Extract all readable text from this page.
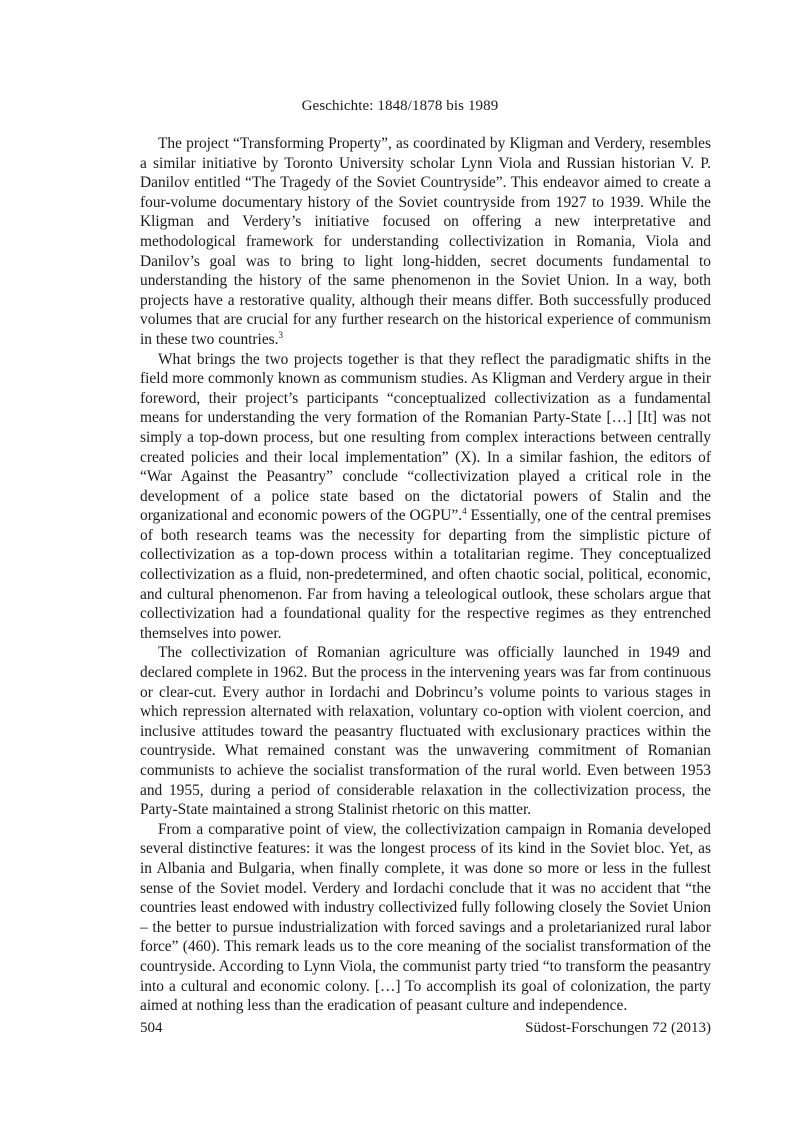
Geschichte: 1848/1878 bis 1989

The project “Transforming Property”, as coordinated by Kligman and Verdery, resembles a similar initiative by Toronto University scholar Lynn Viola and Russian historian V. P. Danilov entitled “The Tragedy of the Soviet Countryside”. This endeavor aimed to create a four-volume documentary history of the Soviet countryside from 1927 to 1939. While the Kligman and Verdery’s initiative focused on offering a new interpretative and methodological framework for understanding collectivization in Romania, Viola and Danilov’s goal was to bring to light long-hidden, secret documents fundamental to understanding the history of the same phenomenon in the Soviet Union. In a way, both projects have a restorative quality, although their means differ. Both successfully produced volumes that are crucial for any further research on the historical experience of communism in these two countries.$^3$

What brings the two projects together is that they reflect the paradigmatic shifts in the field more commonly known as communism studies. As Kligman and Verdery argue in their foreword, their project’s participants “conceptualized collectivization as a fundamental means for understanding the very formation of the Romanian Party-State […] [It] was not simply a top-down process, but one resulting from complex interactions between centrally created policies and their local implementation” (X). In a similar fashion, the editors of “War Against the Peasantry” conclude “collectivization played a critical role in the development of a police state based on the dictatorial powers of Stalin and the organizational and economic powers of the OGPU”.$^4$ Essentially, one of the central premises of both research teams was the necessity for departing from the simplistic picture of collectivization as a top-down process within a totalitarian regime. They conceptualized collectivization as a fluid, non-predetermined, and often chaotic social, political, economic, and cultural phenomenon. Far from having a teleological outlook, these scholars argue that collectivization had a foundational quality for the respective regimes as they entrenched themselves into power.

The collectivization of Romanian agriculture was officially launched in 1949 and declared complete in 1962. But the process in the intervening years was far from continuous or clear-cut. Every author in Iordachi and Dobrincu’s volume points to various stages in which repression alternated with relaxation, voluntary co-option with violent coercion, and inclusive attitudes toward the peasantry fluctuated with exclusionary practices within the countryside. What remained constant was the unwavering commitment of Romanian communists to achieve the socialist transformation of the rural world. Even between 1953 and 1955, during a period of considerable relaxation in the collectivization process, the Party-State maintained a strong Stalinist rhetoric on this matter.

From a comparative point of view, the collectivization campaign in Romania developed several distinctive features: it was the longest process of its kind in the Soviet bloc. Yet, as in Albania and Bulgaria, when finally complete, it was done so more or less in the fullest sense of the Soviet model. Verdery and Iordachi conclude that it was no accident that “the countries least endowed with industry collectivized fully following closely the Soviet Union – the better to pursue industrialization with forced savings and a proletarianized rural labor force” (460). This remark leads us to the core meaning of the socialist transformation of the countryside. According to Lynn Viola, the communist party tried “to transform the peasantry into a cultural and economic colony. […] To accomplish its goal of colonization, the party aimed at nothing less than the eradication of peasant culture and independence.

504	Südost-Forschungen 72 (2013)
